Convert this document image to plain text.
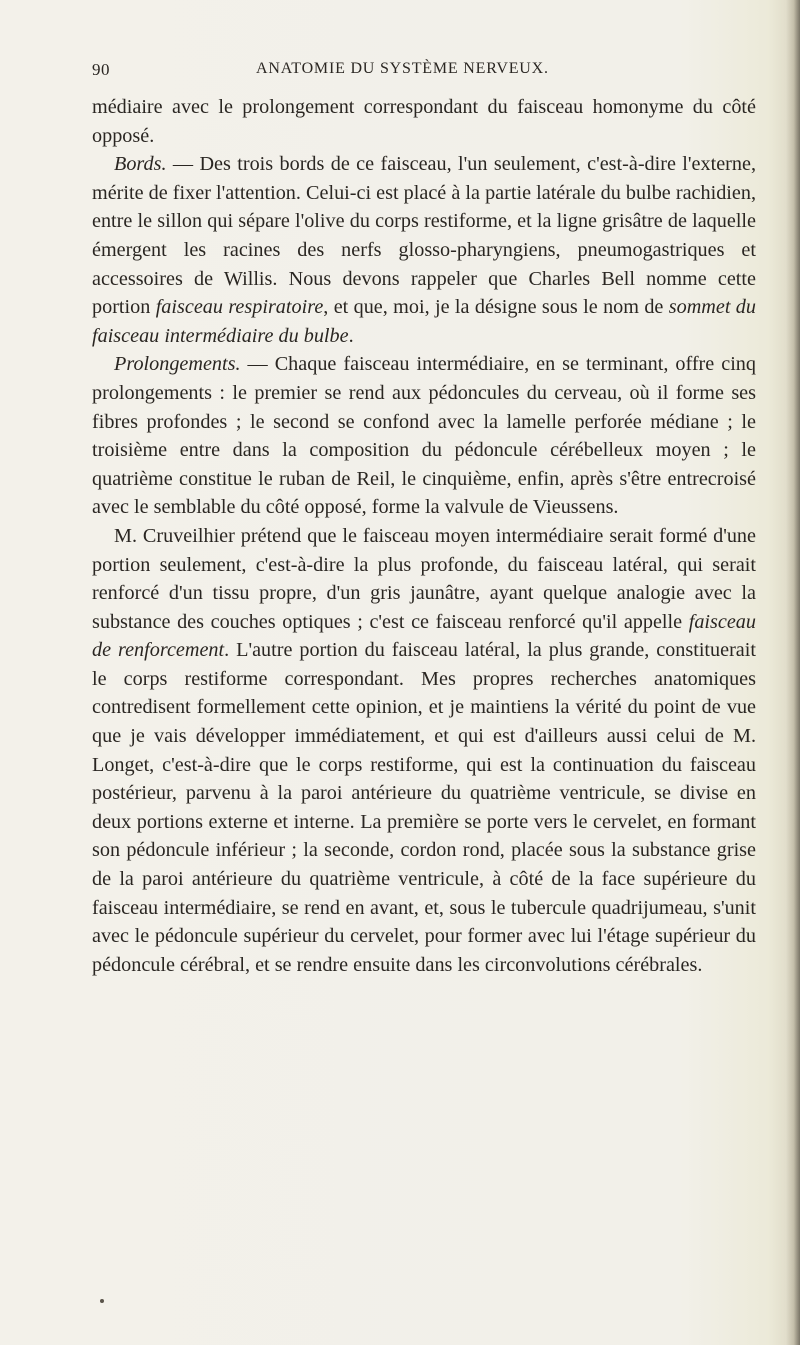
90	ANATOMIE DU SYSTÈME NERVEUX.

médiaire avec le prolongement correspondant du faisceau homonyme du côté opposé.

Bords. — Des trois bords de ce faisceau, l'un seulement, c'est-à-dire l'externe, mérite de fixer l'attention. Celui-ci est placé à la partie latérale du bulbe rachidien, entre le sillon qui sépare l'olive du corps restiforme, et la ligne grisâtre de laquelle émergent les racines des nerfs glosso-pharyngiens, pneumogastriques et accessoires de Willis. Nous devons rappeler que Charles Bell nomme cette portion faisceau respiratoire, et que, moi, je la désigne sous le nom de sommet du faisceau intermédiaire du bulbe.

Prolongements. — Chaque faisceau intermédiaire, en se terminant, offre cinq prolongements : le premier se rend aux pédoncules du cervеau, où il forme ses fibres profondes ; le second se confond avec la lamelle perforée médiane ; le troisième entre dans la composition du pédoncule cérébelleux moyen ; le quatrième constitue le ruban de Reil, le cinquième, enfin, après s'être entrecroisé avec le semblable du côté opposé, forme la valvule de Vieussens.

M. Cruveilhier prétend que le faisceau moyen intermédiaire serait formé d'une portion seulement, c'est-à-dire la plus profonde, du faisceau latéral, qui serait renforcé d'un tissu propre, d'un gris jaunâtre, ayant quelque analogie avec la substance des couches optiques ; c'est ce faisceau renforcé qu'il appelle faisceau de renforcement. L'autre portion du faisceau latéral, la plus grande, constituerait le corps restiforme correspondant. Mes propres recherches anatomiques contredisent formellement cette opinion, et je maintiens la vérité du point de vue que je vais développer immédiatement, et qui est d'ailleurs aussi celui de M. Longet, c'est-à-dire que le corps restiforme, qui est la continuation du faisceau postérieur, parvenu à la paroi antérieure du quatrième ventricule, se divise en deux portions externe et interne. La première se porte vers le cervelet, en formant son pédoncule inférieur ; la seconde, cordon rond, placée sous la substance grise de la paroi antérieure du quatrième ventricule, à côté de la face supérieure du faisceau intermédiaire, se rend en avant, et, sous le tubercule quadrijumeau, s'unit avec le pédoncule supérieur du cervelet, pour former avec lui l'étage supérieur du pédoncule cérébral, et se rendre ensuite dans les circonvolutions cérébrales.
